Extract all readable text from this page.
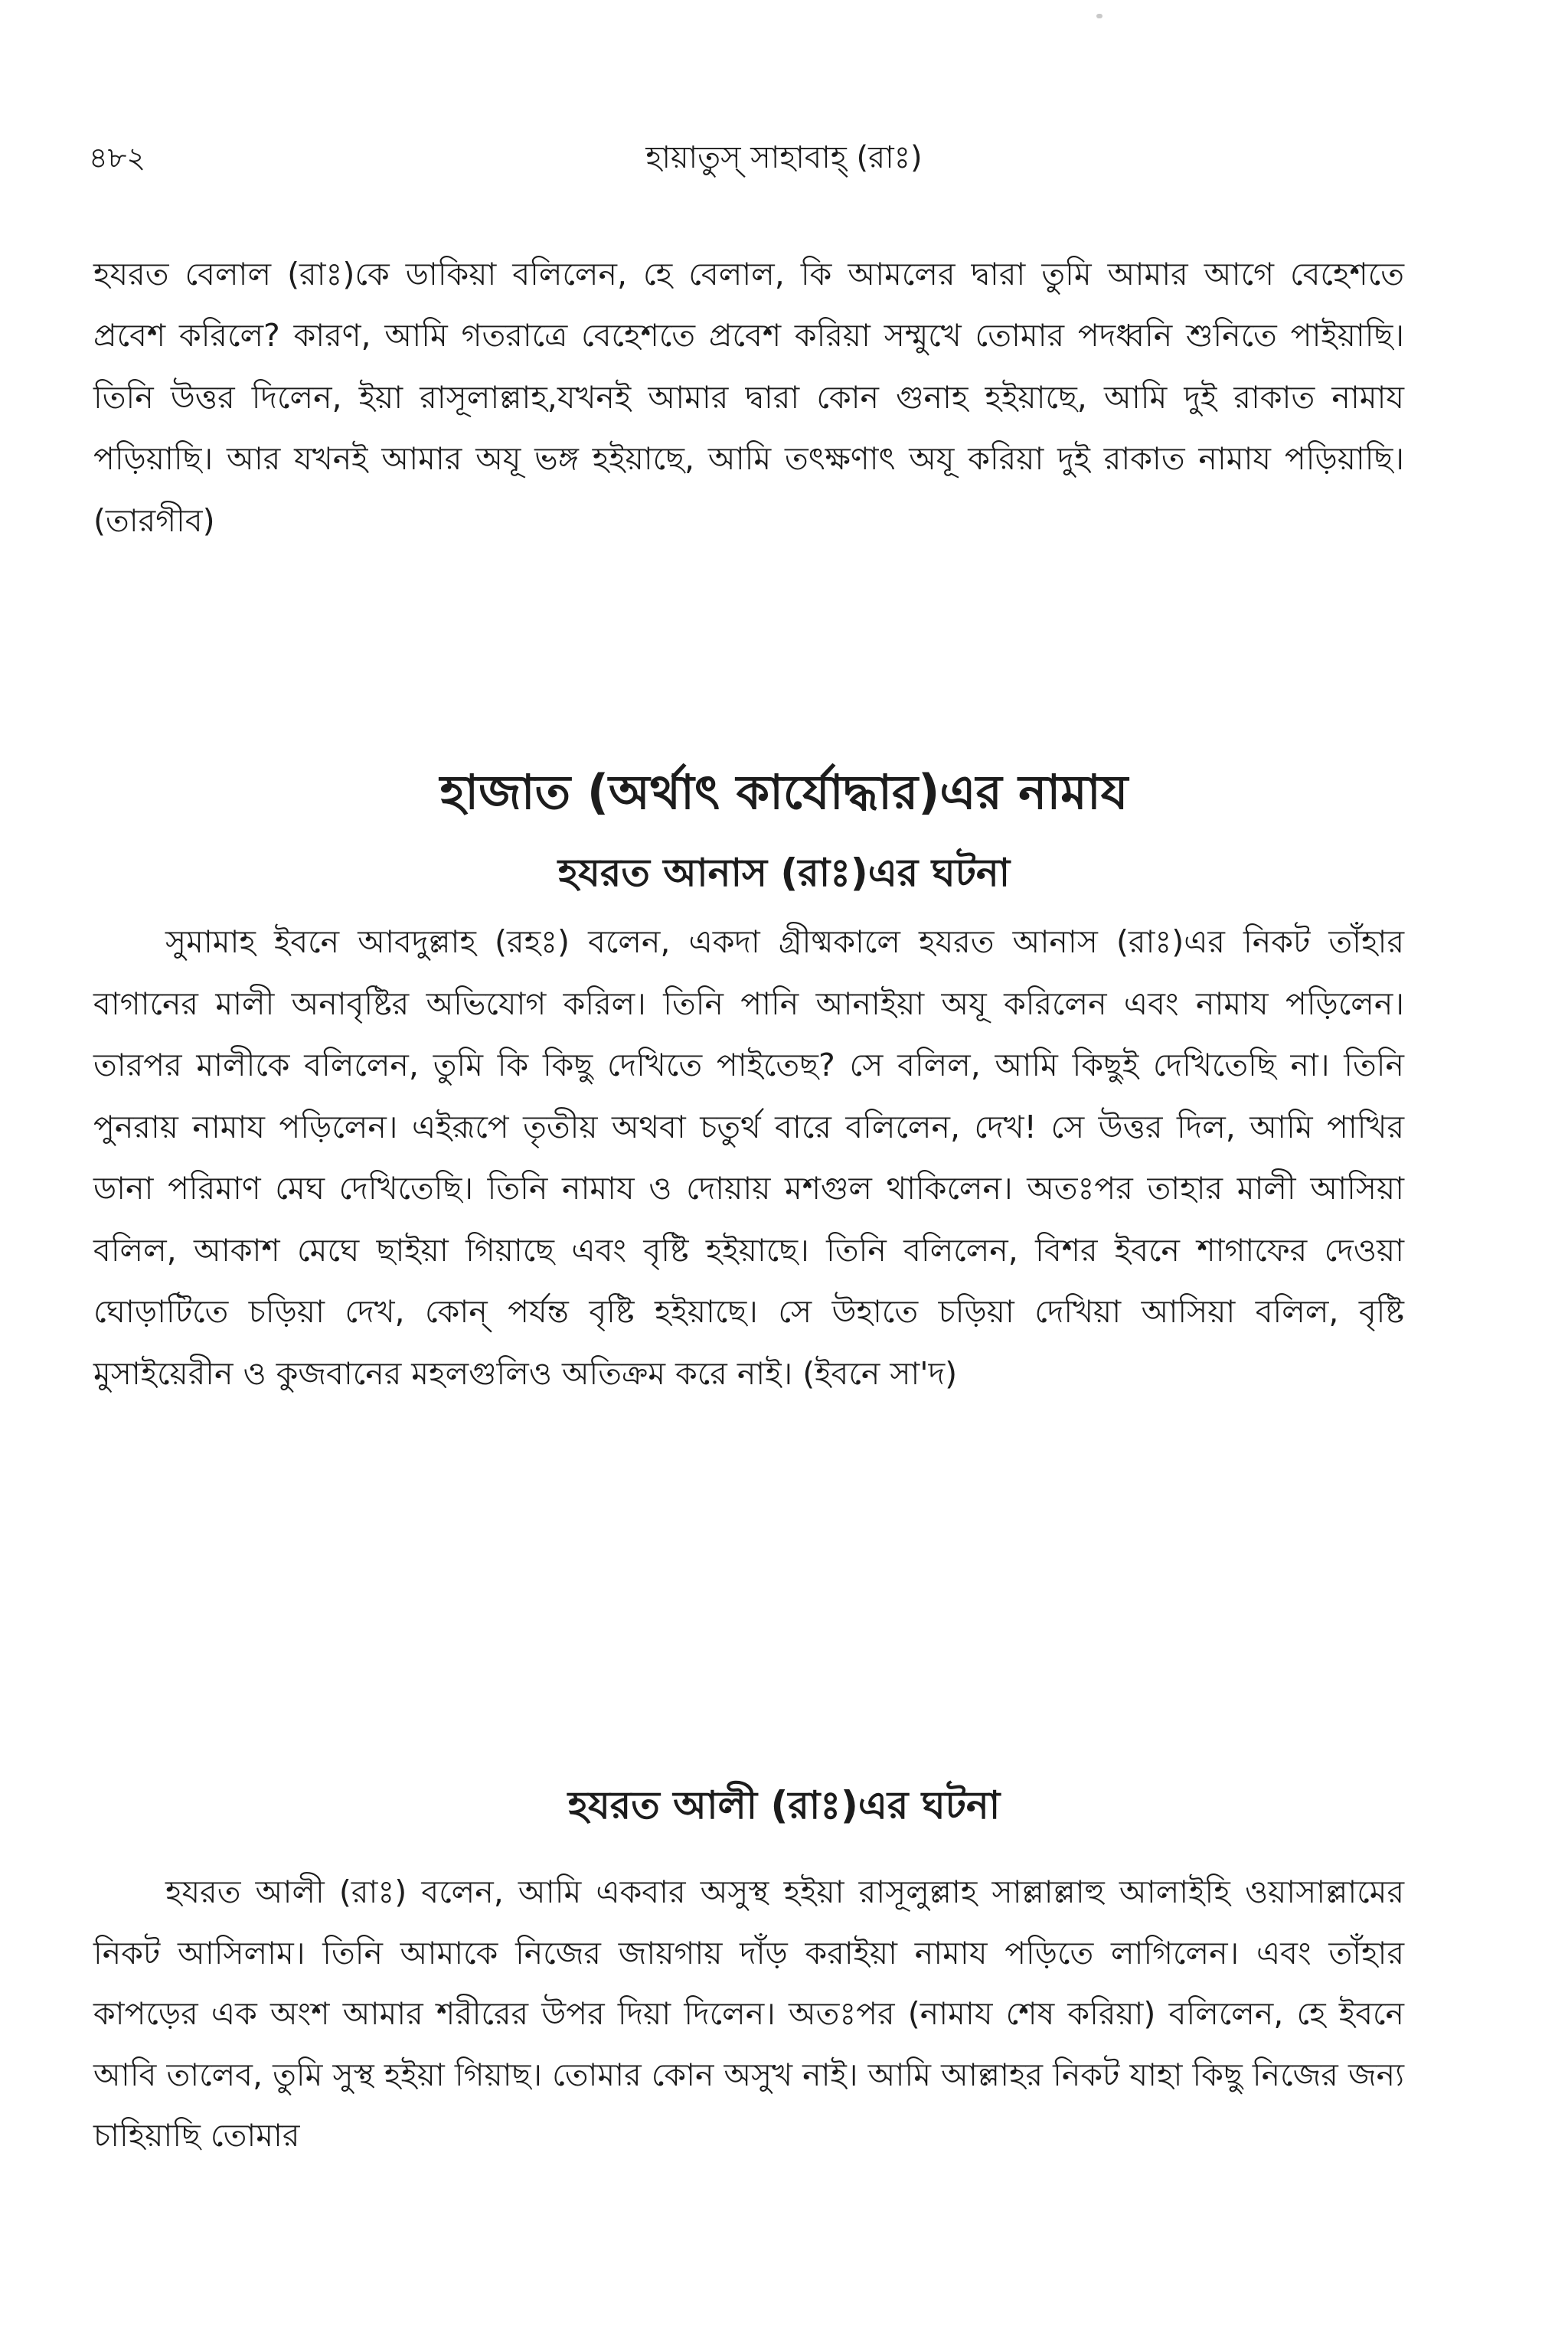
৪৮২	হায়াতুস্ সাহাবাহ্ (রাঃ)

হযরত বেলাল (রাঃ)কে ডাকিয়া বলিলেন, হে বেলাল, কি আমলের দ্বারা তুমি আমার আগে বেহেশতে প্রবেশ করিলে? কারণ, আমি গতরাত্রে বেহেশতে প্রবেশ করিয়া সম্মুখে তোমার পদধ্বনি শুনিতে পাইয়াছি। তিনি উত্তর দিলেন, ইয়া রাসূলাল্লাহ,যখনই আমার দ্বারা কোন গুনাহ হইয়াছে, আমি দুই রাকাত নামায পড়িয়াছি। আর যখনই আমার অযূ ভঙ্গ হইয়াছে, আমি তৎক্ষণাৎ অযূ করিয়া দুই রাকাত নামায পড়িয়াছি। (তারগীব)

হাজাত (অর্থাৎ কার্যোদ্ধার)এর নামায
হযরত আনাস (রাঃ)এর ঘটনা

সুমামাহ ইবনে আবদুল্লাহ (রহঃ) বলেন, একদা গ্রীষ্মকালে হযরত আনাস (রাঃ)এর নিকট তাঁহার বাগানের মালী অনাবৃষ্টির অভিযোগ করিল। তিনি পানি আনাইয়া অযূ করিলেন এবং নামায পড়িলেন। তারপর মালীকে বলিলেন, তুমি কি কিছু দেখিতে পাইতেছ? সে বলিল, আমি কিছুই দেখিতেছি না। তিনি পুনরায় নামায পড়িলেন। এইরূপে তৃতীয় অথবা চতুর্থ বারে বলিলেন, দেখ! সে উত্তর দিল, আমি পাখির ডানা পরিমাণ মেঘ দেখিতেছি। তিনি নামায ও দোয়ায় মশগুল থাকিলেন। অতঃপর তাহার মালী আসিয়া বলিল, আকাশ মেঘে ছাইয়া গিয়াছে এবং বৃষ্টি হইয়াছে। তিনি বলিলেন, বিশর ইবনে শাগাফের দেওয়া ঘোড়াটিতে চড়িয়া দেখ, কোন্ পর্যন্ত বৃষ্টি হইয়াছে। সে উহাতে চড়িয়া দেখিয়া আসিয়া বলিল, বৃষ্টি মুসাইয়েরীন ও কুজবানের মহলগুলিও অতিক্রম করে নাই। (ইবনে সা'দ)

হযরত আলী (রাঃ)এর ঘটনা

হযরত আলী (রাঃ) বলেন, আমি একবার অসুস্থ হইয়া রাসূলুল্লাহ সাল্লাল্লাহু আলাইহি ওয়াসাল্লামের নিকট আসিলাম। তিনি আমাকে নিজের জায়গায় দাঁড় করাইয়া নামায পড়িতে লাগিলেন। এবং তাঁহার কাপড়ের এক অংশ আমার শরীরের উপর দিয়া দিলেন। অতঃপর (নামায শেষ করিয়া) বলিলেন, হে ইবনে আবি তালেব, তুমি সুস্থ হইয়া গিয়াছ। তোমার কোন অসুখ নাই। আমি আল্লাহর নিকট যাহা কিছু নিজের জন্য চাহিয়াছি তোমার
